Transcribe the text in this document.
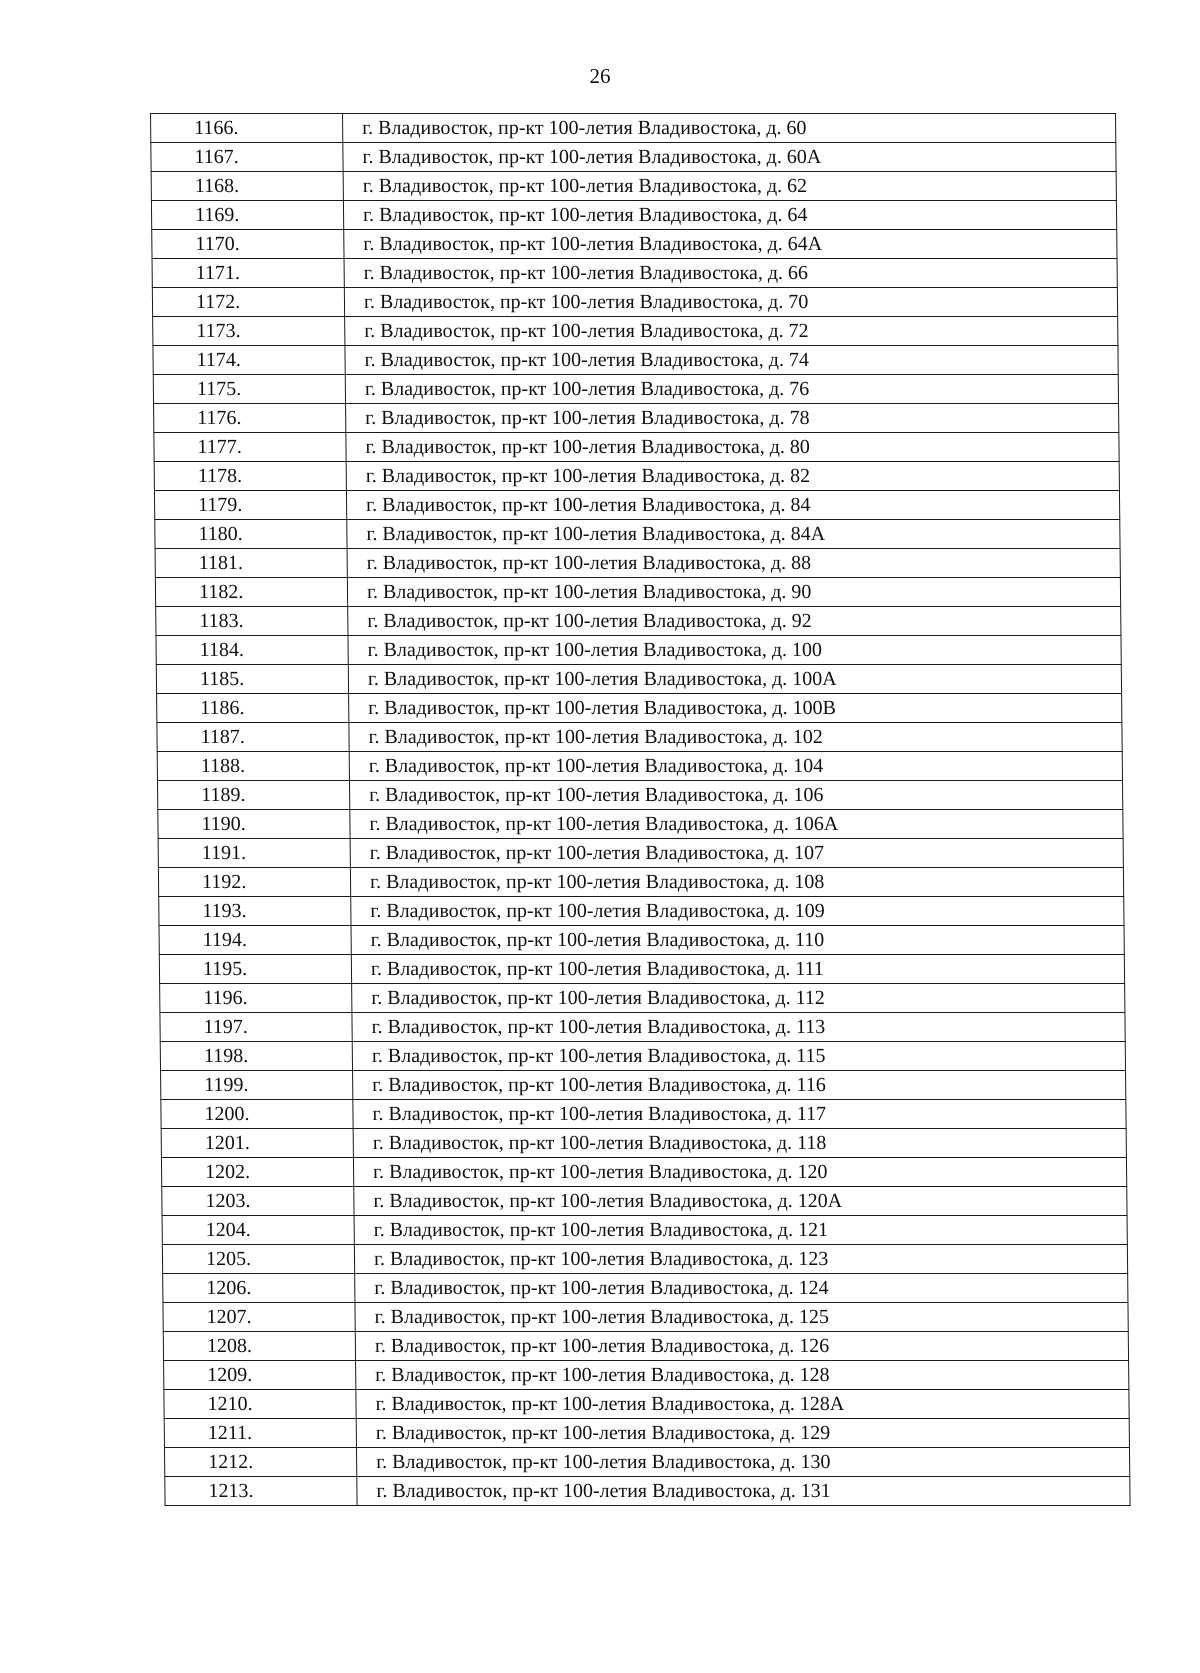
26
1166.	г. Владивосток, пр-кт 100-летия Владивостока, д. 60
1167.	г. Владивосток, пр-кт 100-летия Владивостока, д. 60А
1168.	г. Владивосток, пр-кт 100-летия Владивостока, д. 62
1169.	г. Владивосток, пр-кт 100-летия Владивостока, д. 64
1170.	г. Владивосток, пр-кт 100-летия Владивостока, д. 64А
1171.	г. Владивосток, пр-кт 100-летия Владивостока, д. 66
1172.	г. Владивосток, пр-кт 100-летия Владивостока, д. 70
1173.	г. Владивосток, пр-кт 100-летия Владивостока, д. 72
1174.	г. Владивосток, пр-кт 100-летия Владивостока, д. 74
1175.	г. Владивосток, пр-кт 100-летия Владивостока, д. 76
1176.	г. Владивосток, пр-кт 100-летия Владивостока, д. 78
1177.	г. Владивосток, пр-кт 100-летия Владивостока, д. 80
1178.	г. Владивосток, пр-кт 100-летия Владивостока, д. 82
1179.	г. Владивосток, пр-кт 100-летия Владивостока, д. 84
1180.	г. Владивосток, пр-кт 100-летия Владивостока, д. 84А
1181.	г. Владивосток, пр-кт 100-летия Владивостока, д. 88
1182.	г. Владивосток, пр-кт 100-летия Владивостока, д. 90
1183.	г. Владивосток, пр-кт 100-летия Владивостока, д. 92
1184.	г. Владивосток, пр-кт 100-летия Владивостока, д. 100
1185.	г. Владивосток, пр-кт 100-летия Владивостока, д. 100А
1186.	г. Владивосток, пр-кт 100-летия Владивостока, д. 100В
1187.	г. Владивосток, пр-кт 100-летия Владивостока, д. 102
1188.	г. Владивосток, пр-кт 100-летия Владивостока, д. 104
1189.	г. Владивосток, пр-кт 100-летия Владивостока, д. 106
1190.	г. Владивосток, пр-кт 100-летия Владивостока, д. 106А
1191.	г. Владивосток, пр-кт 100-летия Владивостока, д. 107
1192.	г. Владивосток, пр-кт 100-летия Владивостока, д. 108
1193.	г. Владивосток, пр-кт 100-летия Владивостока, д. 109
1194.	г. Владивосток, пр-кт 100-летия Владивостока, д. 110
1195.	г. Владивосток, пр-кт 100-летия Владивостока, д. 111
1196.	г. Владивосток, пр-кт 100-летия Владивостока, д. 112
1197.	г. Владивосток, пр-кт 100-летия Владивостока, д. 113
1198.	г. Владивосток, пр-кт 100-летия Владивостока, д. 115
1199.	г. Владивосток, пр-кт 100-летия Владивостока, д. 116
1200.	г. Владивосток, пр-кт 100-летия Владивостока, д. 117
1201.	г. Владивосток, пр-кт 100-летия Владивостока, д. 118
1202.	г. Владивосток, пр-кт 100-летия Владивостока, д. 120
1203.	г. Владивосток, пр-кт 100-летия Владивостока, д. 120А
1204.	г. Владивосток, пр-кт 100-летия Владивостока, д. 121
1205.	г. Владивосток, пр-кт 100-летия Владивостока, д. 123
1206.	г. Владивосток, пр-кт 100-летия Владивостока, д. 124
1207.	г. Владивосток, пр-кт 100-летия Владивостока, д. 125
1208.	г. Владивосток, пр-кт 100-летия Владивостока, д. 126
1209.	г. Владивосток, пр-кт 100-летия Владивостока, д. 128
1210.	г. Владивосток, пр-кт 100-летия Владивостока, д. 128А
1211.	г. Владивосток, пр-кт 100-летия Владивостока, д. 129
1212.	г. Владивосток, пр-кт 100-летия Владивостока, д. 130
1213.	г. Владивосток, пр-кт 100-летия Владивостока, д. 131
